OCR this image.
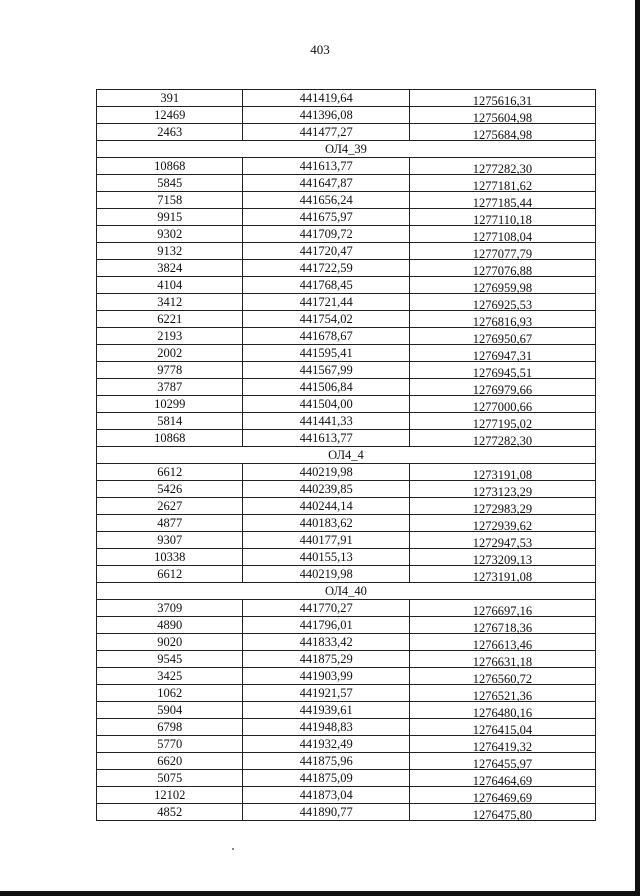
403
391	441419,64	1275616,31
12469	441396,08	1275604,98
2463	441477,27	1275684,98
ОЛ4_39		
10868	441613,77	1277282,30
5845	441647,87	1277181,62
7158	441656,24	1277185,44
9915	441675,97	1277110,18
9302	441709,72	1277108,04
9132	441720,47	1277077,79
3824	441722,59	1277076,88
4104	441768,45	1276959,98
3412	441721,44	1276925,53
6221	441754,02	1276816,93
2193	441678,67	1276950,67
2002	441595,41	1276947,31
9778	441567,99	1276945,51
3787	441506,84	1276979,66
10299	441504,00	1277000,66
5814	441441,33	1277195,02
10868	441613,77	1277282,30
ОЛ4_4		
6612	440219,98	1273191,08
5426	440239,85	1273123,29
2627	440244,14	1272983,29
4877	440183,62	1272939,62
9307	440177,91	1272947,53
10338	440155,13	1273209,13
6612	440219,98	1273191,08
ОЛ4_40		
3709	441770,27	1276697,16
4890	441796,01	1276718,36
9020	441833,42	1276613,46
9545	441875,29	1276631,18
3425	441903,99	1276560,72
1062	441921,57	1276521,36
5904	441939,61	1276480,16
6798	441948,83	1276415,04
5770	441932,49	1276419,32
6620	441875,96	1276455,97
5075	441875,09	1276464,69
12102	441873,04	1276469,69
4852	441890,77	1276475,80
